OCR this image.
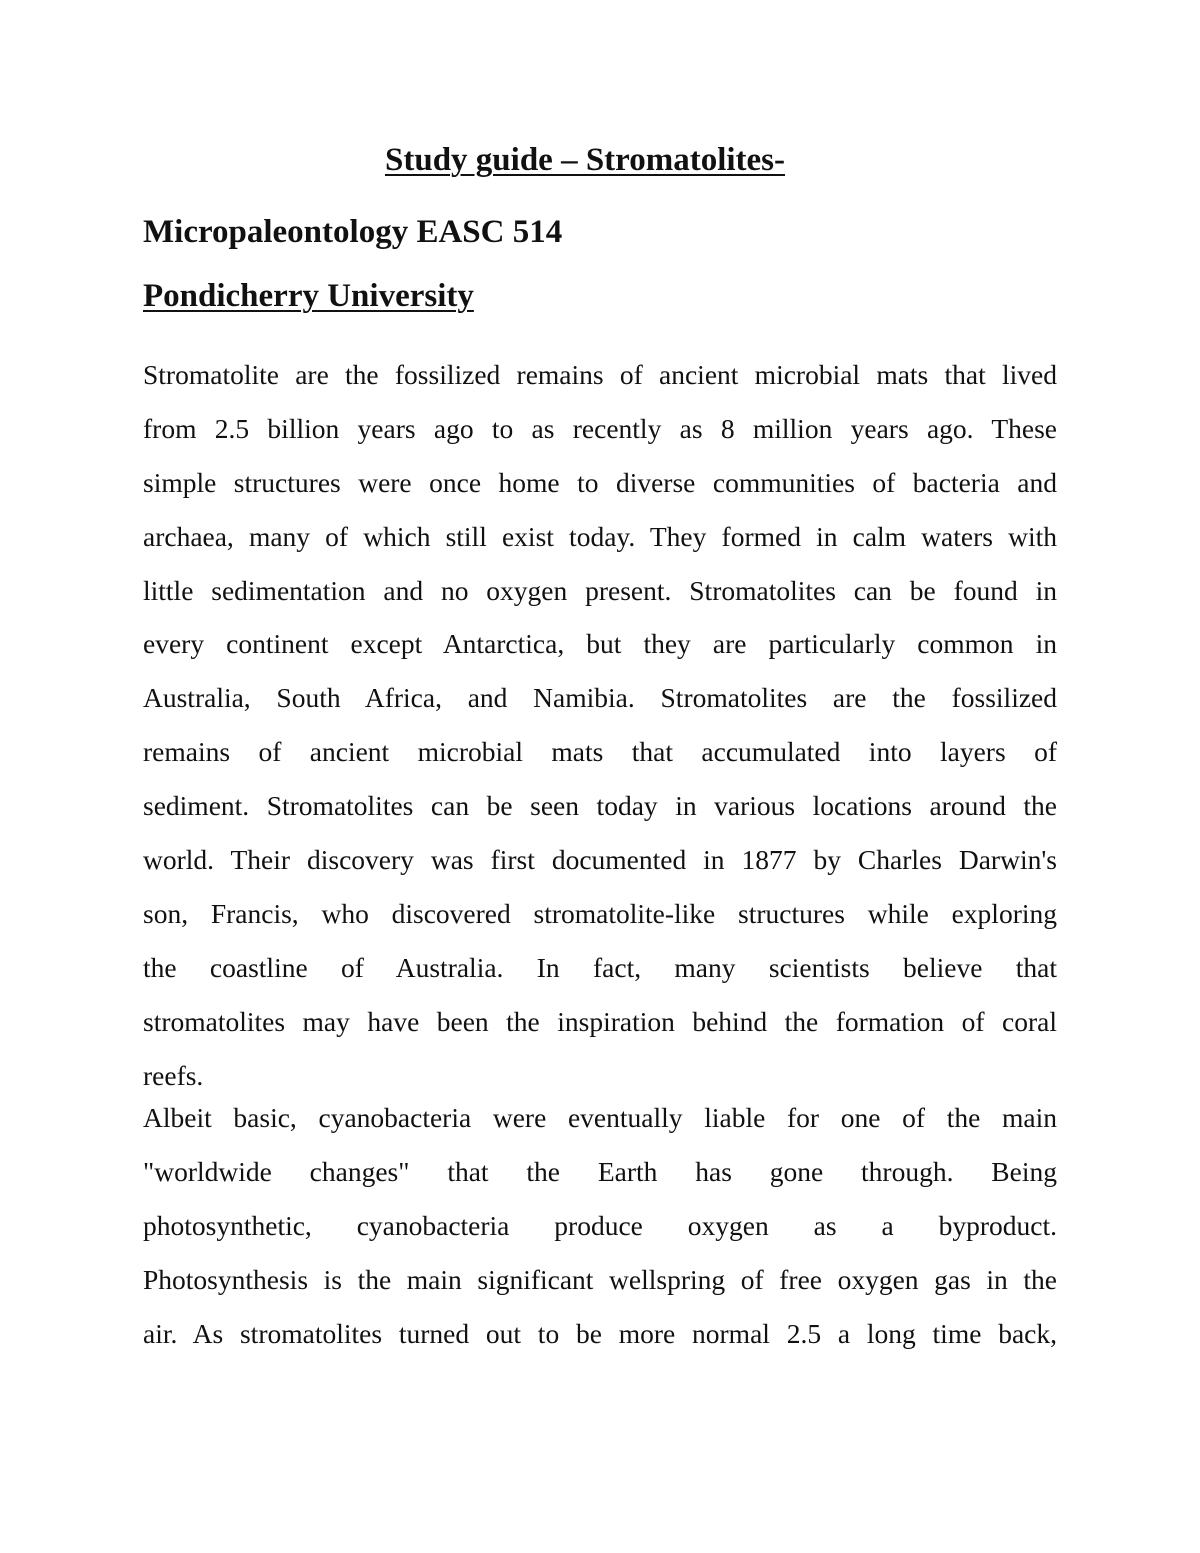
Study guide – Stromatolites-
Micropaleontology EASC 514
Pondicherry University
Stromatolite are the fossilized remains of ancient microbial mats that lived
from 2.5 billion years ago to as recently as 8 million years ago. These
simple structures were once home to diverse communities of bacteria and
archaea, many of which still exist today. They formed in calm waters with
little sedimentation and no oxygen present. Stromatolites can be found in
every continent except Antarctica, but they are particularly common in
Australia, South Africa, and Namibia. Stromatolites are the fossilized
remains of ancient microbial mats that accumulated into layers of
sediment. Stromatolites can be seen today in various locations around the
world. Their discovery was first documented in 1877 by Charles Darwin's
son, Francis, who discovered stromatolite-like structures while exploring
the coastline of Australia. In fact, many scientists believe that
stromatolites may have been the inspiration behind the formation of coral
reefs.
Albeit basic, cyanobacteria were eventually liable for one of the main
"worldwide changes" that the Earth has gone through. Being
photosynthetic, cyanobacteria produce oxygen as a byproduct.
Photosynthesis is the main significant wellspring of free oxygen gas in the
air. As stromatolites turned out to be more normal 2.5 a long time back,
